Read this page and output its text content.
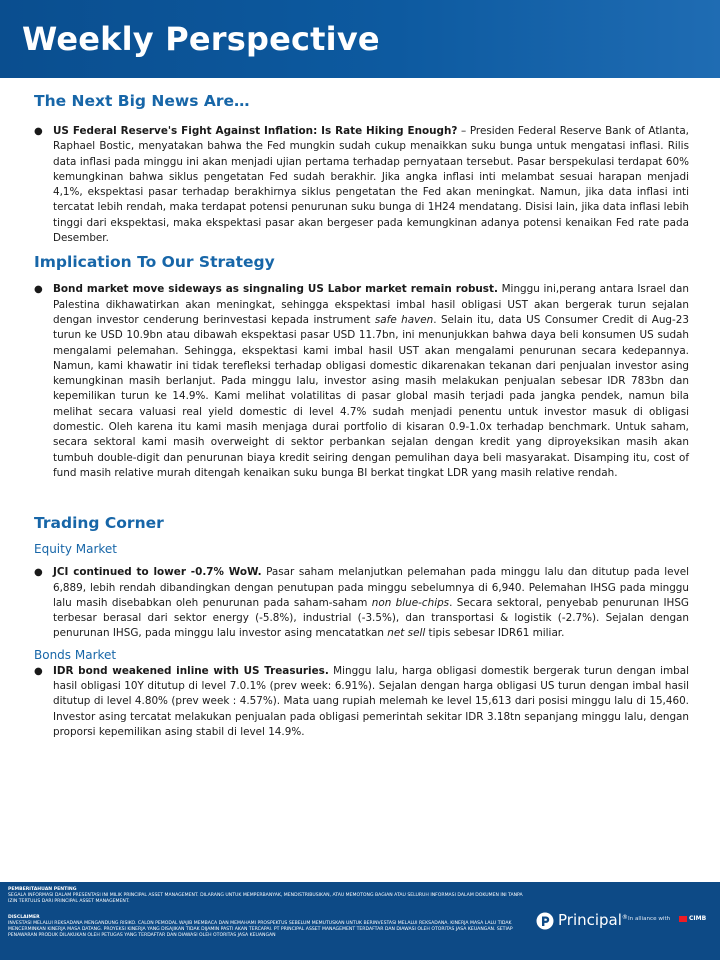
Weekly Perspective
The Next Big News Are…
● US Federal Reserve's Fight Against Inflation: Is Rate Hiking Enough? – Presiden Federal Reserve Bank of Atlanta, Raphael Bostic, menyatakan bahwa the Fed mungkin sudah cukup menaikkan suku bunga untuk mengatasi inflasi. Rilis data inflasi pada minggu ini akan menjadi ujian pertama terhadap pernyataan tersebut. Pasar berspekulasi terdapat 60% kemungkinan bahwa siklus pengetatan Fed sudah berakhir. Jika angka inflasi inti melambat sesuai harapan menjadi 4,1%, ekspektasi pasar terhadap berakhirnya siklus pengetatan the Fed akan meningkat. Namun, jika data inflasi inti tercatat lebih rendah, maka terdapat potensi penurunan suku bunga di 1H24 mendatang. Disisi lain, jika data inflasi lebih tinggi dari ekspektasi, maka ekspektasi pasar akan bergeser pada kemungkinan adanya potensi kenaikan Fed rate pada Desember.
Implication To Our Strategy
● Bond market move sideways as singnaling US Labor market remain robust. Minggu ini,perang antara Israel dan Palestina dikhawatirkan akan meningkat, sehingga ekspektasi imbal hasil obligasi UST akan bergerak turun sejalan dengan investor cenderung berinvestasi kepada instrument safe haven. Selain itu, data US Consumer Credit di Aug-23 turun ke USD 10.9bn atau dibawah ekspektasi pasar USD 11.7bn, ini menunjukkan bahwa daya beli konsumen US sudah mengalami pelemahan. Sehingga, ekspektasi kami imbal hasil UST akan mengalami penurunan secara kedepannya. Namun, kami khawatir ini tidak terefleksi terhadap obligasi domestic dikarenakan tekanan dari penjualan investor asing kemungkinan masih berlanjut. Pada minggu lalu, investor asing masih melakukan penjualan sebesar IDR 783bn dan kepemilikan turun ke 14.9%. Kami melihat volatilitas di pasar global masih terjadi pada jangka pendek, namun bila melihat secara valuasi real yield domestic di level 4.7% sudah menjadi penentu untuk investor masuk di obligasi domestic. Oleh karena itu kami masih menjaga durai portfolio di kisaran 0.9-1.0x terhadap benchmark. Untuk saham, secara sektoral kami masih overweight di sektor perbankan sejalan dengan kredit yang diproyeksikan masih akan tumbuh double-digit dan penurunan biaya kredit seiring dengan pemulihan daya beli masyarakat. Disamping itu, cost of fund masih relative murah ditengah kenaikan suku bunga BI berkat tingkat LDR yang masih relative rendah.
Trading Corner
Equity Market
● JCI continued to lower -0.7% WoW. Pasar saham melanjutkan pelemahan pada minggu lalu dan ditutup pada level 6,889, lebih rendah dibandingkan dengan penutupan pada minggu sebelumnya di 6,940. Pelemahan IHSG pada minggu lalu masih disebabkan oleh penurunan pada saham-saham non blue-chips. Secara sektoral, penyebab penurunan IHSG terbesar berasal dari sektor energy (-5.8%), industrial (-3.5%), dan transportasi & logistik (-2.7%). Sejalan dengan penurunan IHSG, pada minggu lalu investor asing mencatatkan net sell tipis sebesar IDR61 miliar.
Bonds Market
● IDR bond weakened inline with US Treasuries. Minggu lalu, harga obligasi domestik bergerak turun dengan imbal hasil obligasi 10Y ditutup di level 7.0.1% (prev week: 6.91%). Sejalan dengan harga obligasi US turun dengan imbal hasil ditutup di level 4.80% (prev week : 4.57%). Mata uang rupiah melemah ke level 15,613 dari posisi minggu lalu di 15,460. Investor asing tercatat melakukan penjualan pada obligasi pemerintah sekitar IDR 3.18tn sepanjang minggu lalu, dengan proporsi kepemilikan asing stabil di level 14.9%.
PEMBERITAHUAN PENTING
SEGALA INFORMASI DALAM PRESENTASI INI MILIK PRINCIPAL ASSET MANAGEMENT. DILARANG UNTUK MEMPERBANYAK, MENDISTRIBUSIKAN, ATAU MEMOTONG BAGIAN ATAU SELURUH INFORMASI DALAM DOKUMEN INI TANPA IZIN TERTULIS DARI PRINCIPAL ASSET MANAGEMENT.
DISCLAIMER
INVESTASI MELALUI REKSADANA MENGANDUNG RISIKO. CALON PEMODAL WAJIB MEMBACA DAN MEMAHAMI PROSPEKTUS SEBELUM MEMUTUSKAN UNTUK BERINVESTASI MELALUI REKSADANA. KINERJA MASA LALU TIDAK MENCERMINKAN KINERJA MASA DATANG. PROYEKSI KINERJA YANG DISAJIKAN TIDAK DIJAMIN PASTI AKAN TERCAPAI. PT PRINCIPAL ASSET MANAGEMENT TERDAFTAR DAN DIAWASI OLEH OTORITAS JASA KEUANGAN. SETIAP PENAWARAN PRODUK DILAKUKAN OLEH PETUGAS YANG TERDAFTAR DAN DIAWASI OLEH OTORITAS JASA KEUANGAN
Principal® In alliance with	CIMB
